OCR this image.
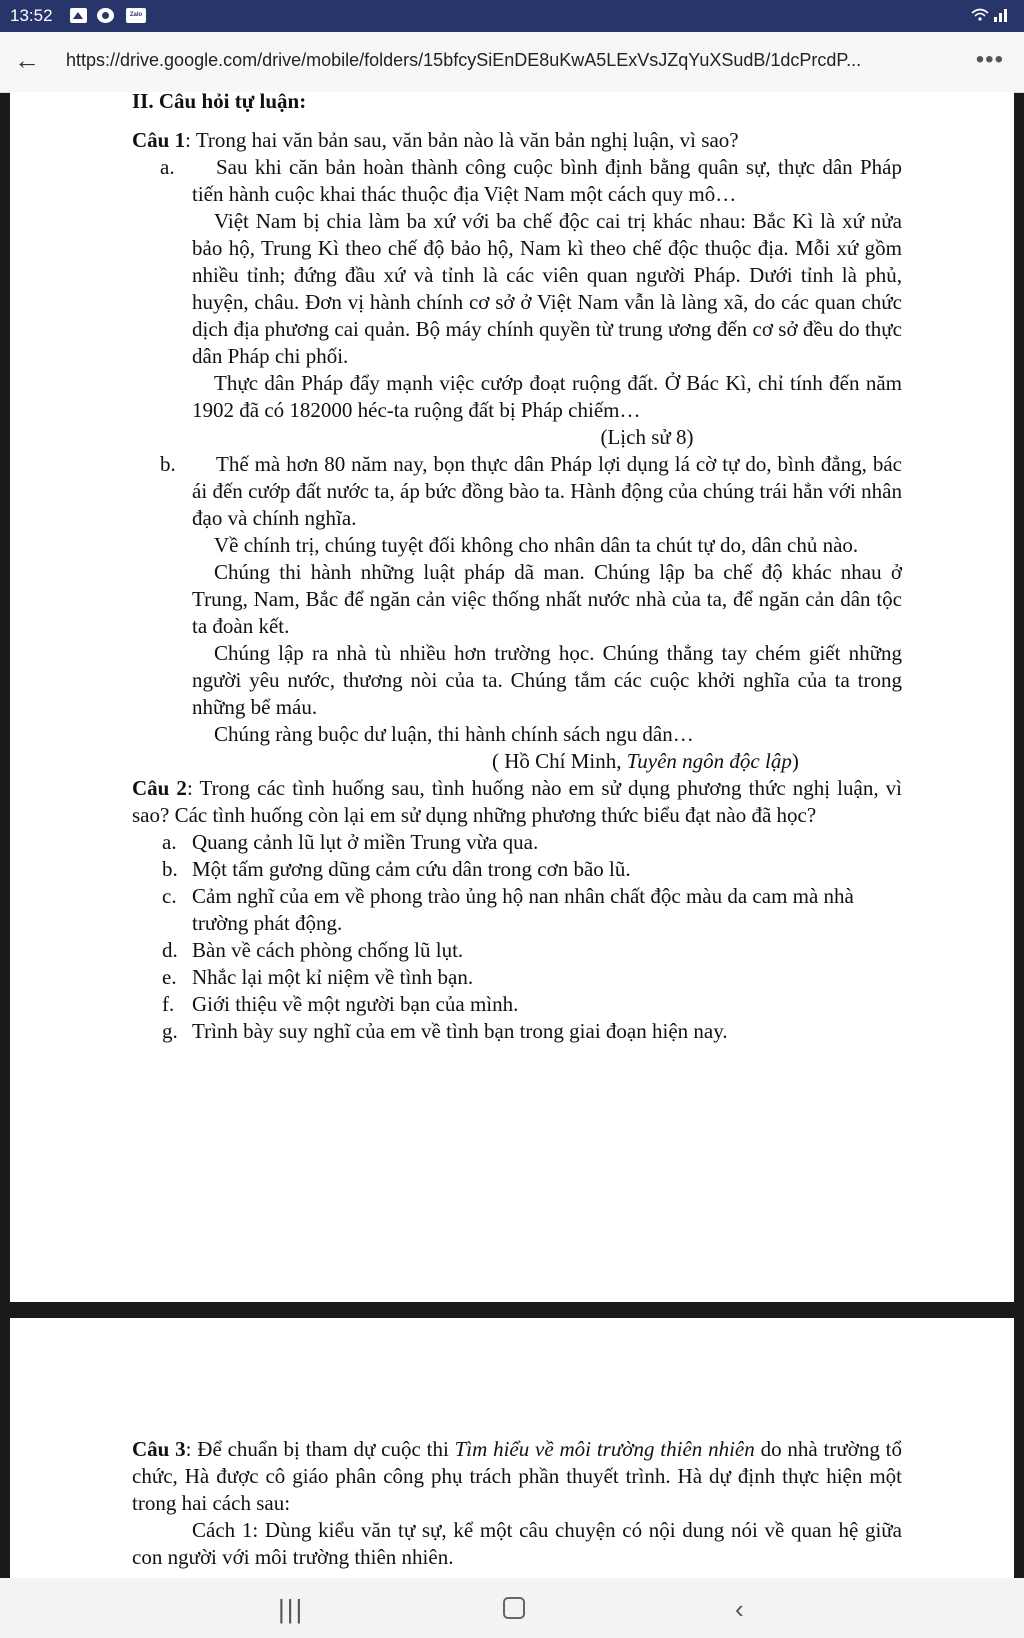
13:52	Zalo
← https://drive.google.com/drive/mobile/folders/15bfcySiEnDE8uKwA5LExVsJZqYuXSudB/1dcPrcdP...	•••

II. Câu hỏi tự luận:

Câu 1: Trong hai văn bản sau, văn bản nào là văn bản nghị luận, vì sao?

a. Sau khi căn bản hoàn thành công cuộc bình định bằng quân sự, thực dân Pháp tiến hành cuộc khai thác thuộc địa Việt Nam một cách quy mô…

Việt Nam bị chia làm ba xứ với ba chế độc cai trị khác nhau: Bắc Kì là xứ nửa bảo hộ, Trung Kì theo chế độ bảo hộ, Nam kì theo chế độc thuộc địa. Mỗi xứ gồm nhiều tỉnh; đứng đầu xứ và tỉnh là các viên quan người Pháp. Dưới tỉnh là phủ, huyện, châu. Đơn vị hành chính cơ sở ở Việt Nam vẫn là làng xã, do các quan chức dịch địa phương cai quản. Bộ máy chính quyền từ trung ương đến cơ sở đều do thực dân Pháp chi phối.

Thực dân Pháp đẩy mạnh việc cướp đoạt ruộng đất. Ở Bác Kì, chỉ tính đến năm 1902 đã có 182000 héc-ta ruộng đất bị Pháp chiếm…

(Lịch sử 8)

b. Thế mà hơn 80 năm nay, bọn thực dân Pháp lợi dụng lá cờ tự do, bình đẳng, bác ái đến cướp đất nước ta, áp bức đồng bào ta. Hành động của chúng trái hẳn với nhân đạo và chính nghĩa.

Về chính trị, chúng tuyệt đối không cho nhân dân ta chút tự do, dân chủ nào.

Chúng thi hành những luật pháp dã man. Chúng lập ba chế độ khác nhau ở Trung, Nam, Bắc để ngăn cản việc thống nhất nước nhà của ta, để ngăn cản dân tộc ta đoàn kết.

Chúng lập ra nhà tù nhiều hơn trường học. Chúng thẳng tay chém giết những người yêu nước, thương nòi của ta. Chúng tắm các cuộc khởi nghĩa của ta trong những bể máu.

Chúng ràng buộc dư luận, thi hành chính sách ngu dân…

( Hồ Chí Minh, Tuyên ngôn độc lập)

Câu 2: Trong các tình huống sau, tình huống nào em sử dụng phương thức nghị luận, vì sao? Các tình huống còn lại em sử dụng những phương thức biểu đạt nào đã học?

a. Quang cảnh lũ lụt ở miền Trung vừa qua.
b. Một tấm gương dũng cảm cứu dân trong cơn bão lũ.
c. Cảm nghĩ của em về phong trào ủng hộ nan nhân chất độc màu da cam mà nhà trường phát động.
d. Bàn về cách phòng chống lũ lụt.
e. Nhắc lại một kỉ niệm về tình bạn.
f. Giới thiệu về một người bạn của mình.
g. Trình bày suy nghĩ của em về tình bạn trong giai đoạn hiện nay.

Câu 3: Để chuẩn bị tham dự cuộc thi Tìm hiểu về môi trường thiên nhiên do nhà trường tổ chức, Hà được cô giáo phân công phụ trách phần thuyết trình. Hà dự định thực hiện một trong hai cách sau:

Cách 1: Dùng kiểu văn tự sự, kể một câu chuyện có nội dung nói về quan hệ giữa con người với môi trường thiên nhiên.

|||	‹
